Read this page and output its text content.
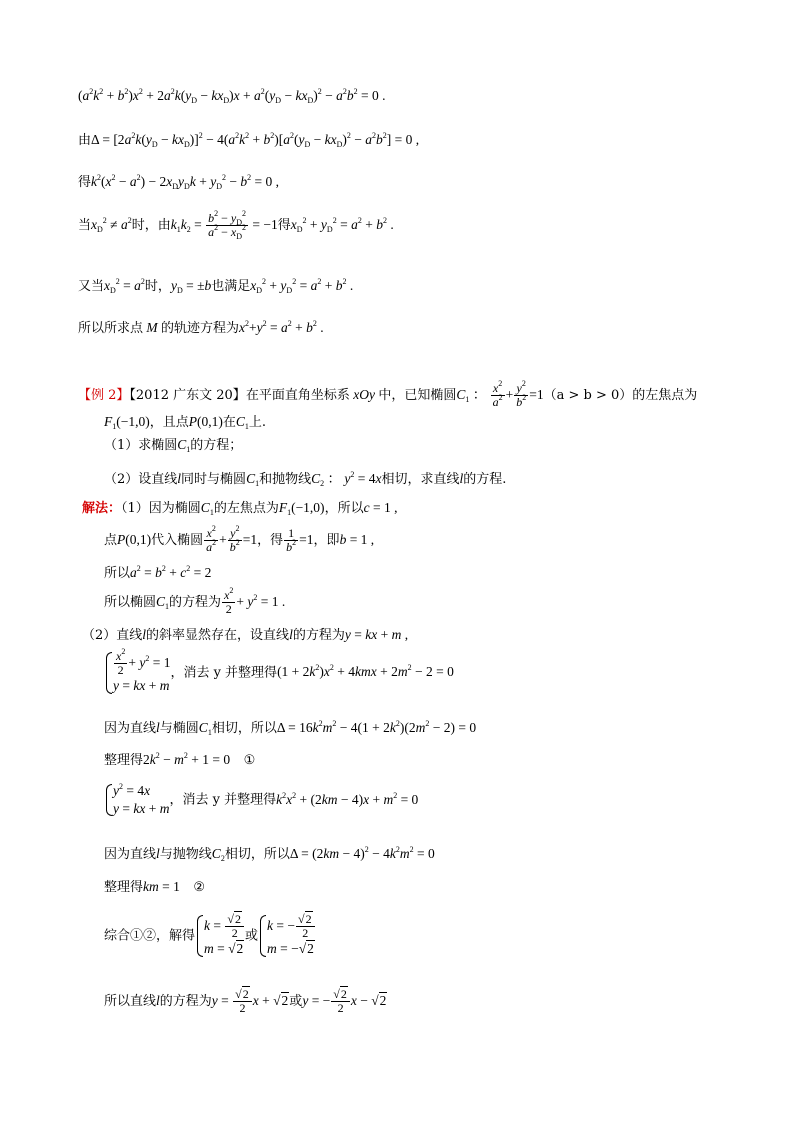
$(a^2k^2 + b^2)x^2 + 2a^2k(y_D - kx_D)x + a^2(y_D - kx_D)^2 - a^2b^2 = 0$ .
由$\Delta = [2a^2k(y_D - kx_D)]^2 - 4(a^2k^2 + b^2)[a^2(y_D - kx_D)^2 - a^2b^2] = 0$ ,
得$k^2(x^2 - a^2) - 2x_Dy_Dk + y_D^2 - b^2 = 0$ ,
当$x_D^2 \ne a^2$时，由$k_1k_2 = \frac{b^2 - y_D^2}{a^2 - x_D^2} = -1$得$x_D^2 + y_D^2 = a^2 + b^2$ .
又当$x_D^2 = a^2$时，$y_D = \pm b$也满足$x_D^2 + y_D^2 = a^2 + b^2$ .
所以所求点 M 的轨迹方程为$x^2+y^2 = a^2 + b^2$ .
【例 2】【2012 广东文 20】在平面直角坐标系 xOy 中，已知椭圆$C_1$ ： $\frac{x^2}{a^2} + \frac{y^2}{b^2} =1(a > b > 0)$的左焦点为
$F_1(-1,0)$，且点P(0,1)在$C_1$上.
（1）求椭圆$C_1$的方程；
（2）设直线l同时与椭圆$C_1$和抛物线$C_2$ ： $y^2 = 4x$相切，求直线l的方程.
解法：（1）因为椭圆$C_1$的左焦点为$F_1(-1,0)$，所以c = 1 ,
点P(0,1)代入椭圆 $\frac{x^2}{a^2} + \frac{y^2}{b^2} =1$，得 $\frac{1}{b^2} =1$，即b = 1 ,
所以$a^2 = b^2 + c^2 = 2$
所以椭圆$C_1$的方程为 $\frac{x^2}{2} + y^2 = 1$ .
（2）直线l的斜率显然存在，设直线l的方程为y = kx + m ,
$\frac{x^2}{2} + y^2 = 1$
y = kx + m
，消去 y 并整理得$(1 + 2k^2)x^2 + 4kmx + 2m^2 - 2 = 0$
因为直线l与椭圆$C_1$相切，所以$\Delta = 16k^2m^2 - 4(1 + 2k^2)(2m^2 - 2) = 0$
整理得$2k^2 - m^2 + 1 = 0$    ①
$y^2 = 4x$
y = kx + m
，消去 y 并整理得$k^2x^2 + (2km - 4)x + m^2 = 0$
因为直线l与抛物线$C_2$相切，所以$\Delta = (2km - 4)^2 - 4k^2m^2 = 0$
整理得km = 1    ②
综合①②，解得
$k = \frac{√2}{2}$
m = √2
或
k = − $\frac{√2}{2}$
m = −√2
所以直线l的方程为$y = \frac{√2}{2}$ x + √2或y = − $\frac{√2}{2}$ x − √2
